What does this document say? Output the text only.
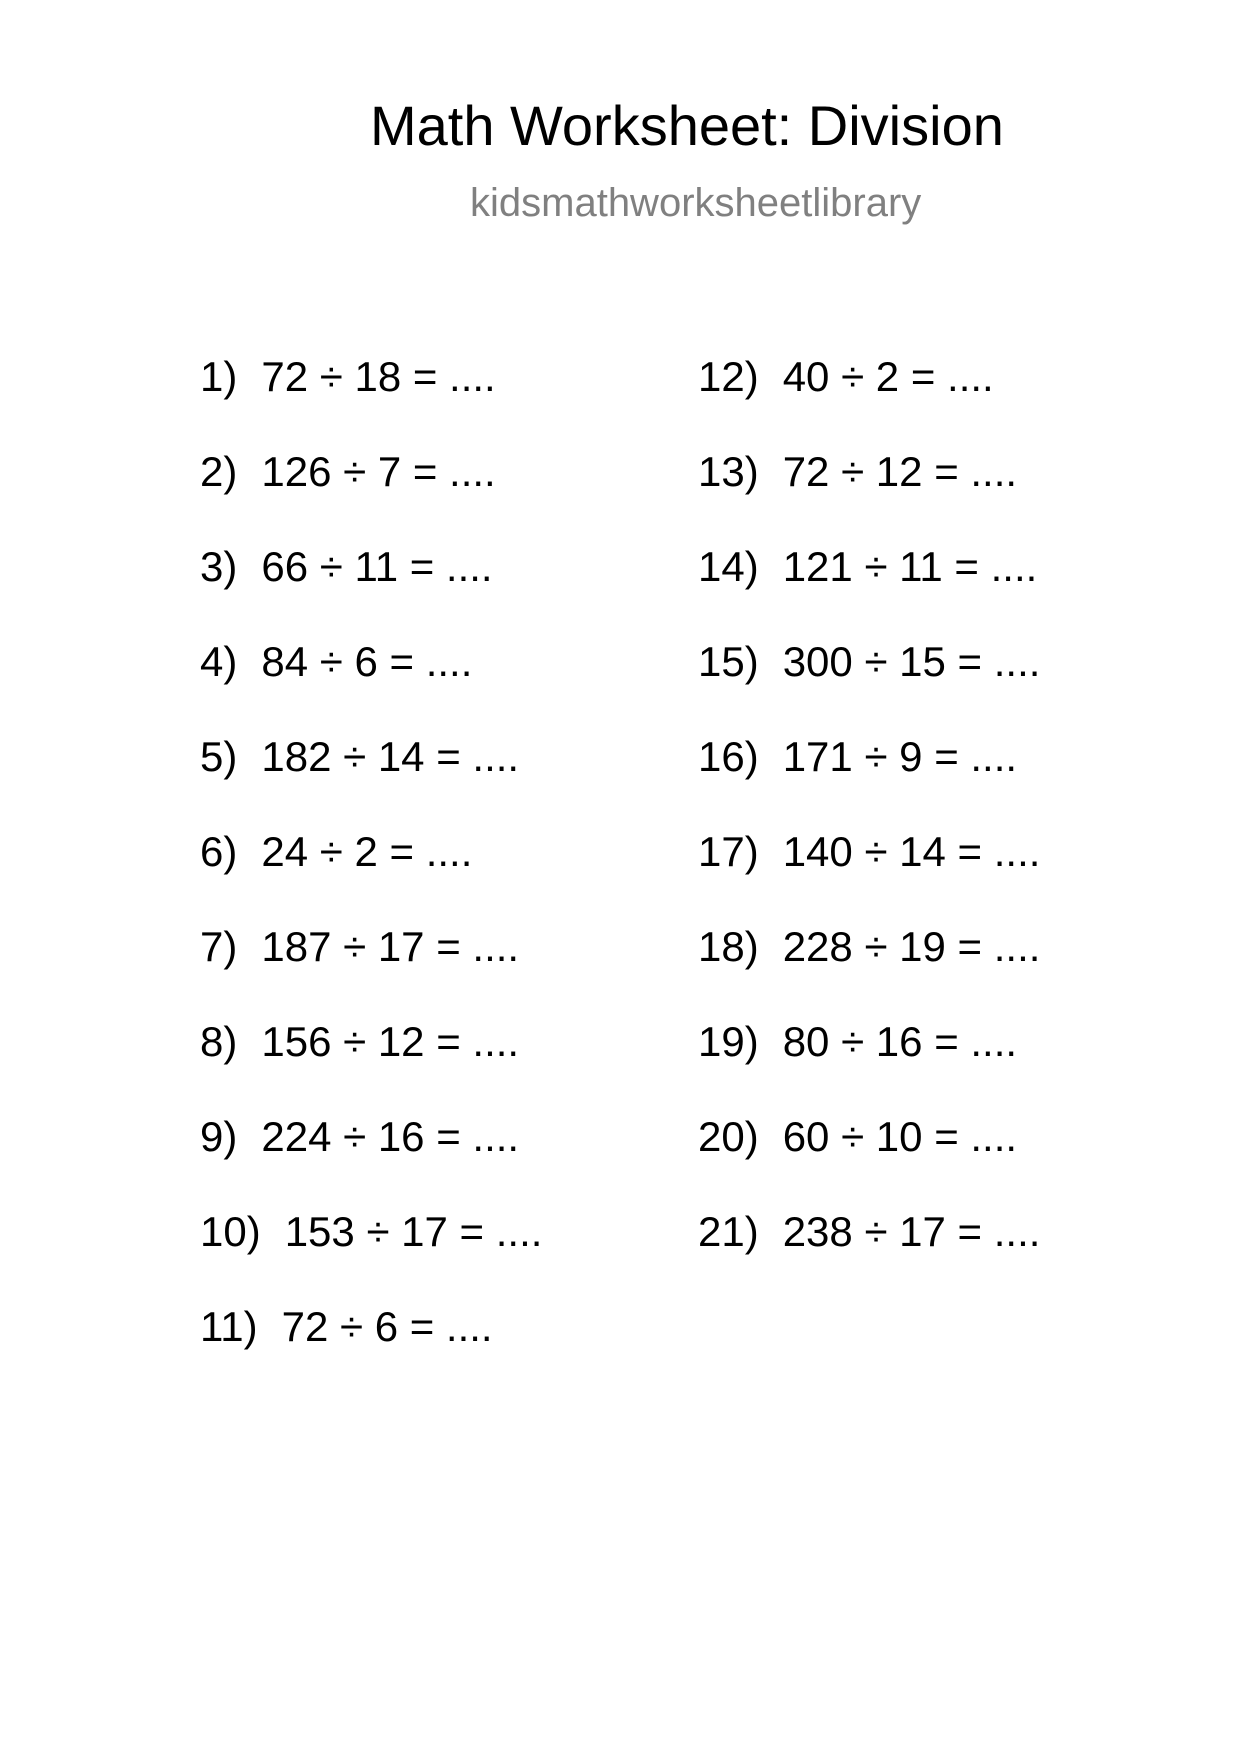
Math Worksheet: Division
kidsmathworksheetlibrary
1) 72 ÷ 18 = ....
2) 126 ÷ 7 = ....
3) 66 ÷ 11 = ....
4) 84 ÷ 6 = ....
5) 182 ÷ 14 = ....
6) 24 ÷ 2 = ....
7) 187 ÷ 17 = ....
8) 156 ÷ 12 = ....
9) 224 ÷ 16 = ....
10) 153 ÷ 17 = ....
11) 72 ÷ 6 = ....
12) 40 ÷ 2 = ....
13) 72 ÷ 12 = ....
14) 121 ÷ 11 = ....
15) 300 ÷ 15 = ....
16) 171 ÷ 9 = ....
17) 140 ÷ 14 = ....
18) 228 ÷ 19 = ....
19) 80 ÷ 16 = ....
20) 60 ÷ 10 = ....
21) 238 ÷ 17 = ....
